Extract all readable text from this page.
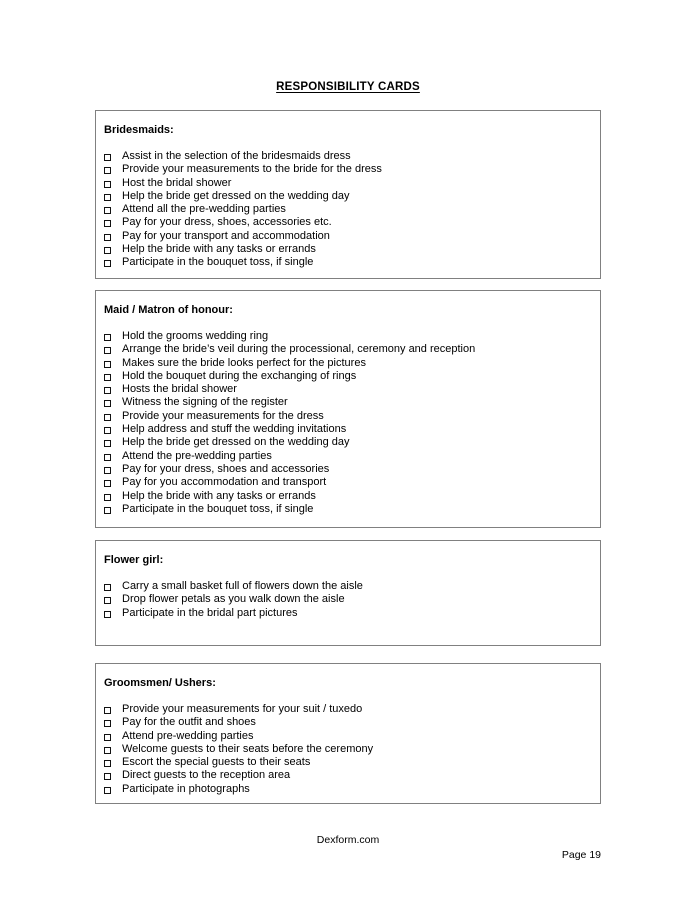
RESPONSIBILITY CARDS
Bridesmaids:
Assist in the selection of the bridesmaids dress
Provide your measurements to the bride for the dress
Host the bridal shower
Help the bride get dressed on the wedding day
Attend all the pre-wedding parties
Pay for your dress, shoes, accessories etc.
Pay for your transport and accommodation
Help the bride with any tasks or errands
Participate in the bouquet toss, if single
Maid / Matron of honour:
Hold the grooms wedding ring
Arrange the bride’s veil during the processional, ceremony and reception
Makes sure the bride looks perfect for the pictures
Hold the bouquet during the exchanging of rings
Hosts the bridal shower
Witness the signing of the register
Provide your measurements for the dress
Help address and stuff the wedding invitations
Help the bride get dressed on the wedding day
Attend the pre-wedding parties
Pay for your dress, shoes and accessories
Pay for you accommodation and transport
Help the bride with any tasks or errands
Participate in the bouquet toss, if single
Flower girl:
Carry a small basket full of flowers down the aisle
Drop flower petals as you walk down the aisle
Participate in the bridal part pictures
Groomsmen/ Ushers:
Provide your measurements for your suit / tuxedo
Pay for the outfit and shoes
Attend pre-wedding parties
Welcome guests to their seats before the ceremony
Escort the special guests to their seats
Direct guests to the reception area
Participate in photographs
Dexform.com
Page 19
